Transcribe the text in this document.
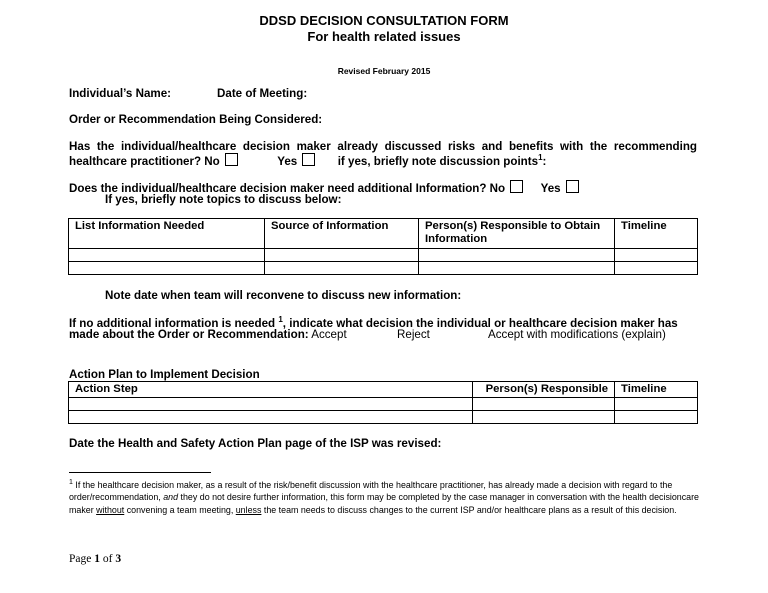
DDSD DECISION CONSULTATION FORM
For health related issues
Revised February 2015
Individual’s Name:	Date of Meeting:
Order or Recommendation Being Considered:
Has the individual/healthcare decision maker already discussed risks and benefits with the recommending
healthcare practitioner? No	Yes	if yes, briefly note discussion points$^1$:
Does the individual/healthcare decision maker need additional Information? No	Yes
If yes, briefly note topics to discuss below:
List Information Needed	Source of Information	Person(s) Responsible to Obtain Information	Timeline

Note date when team will reconvene to discuss new information:
If no additional information is needed $^1$, indicate what decision the individual or healthcare decision maker has
made about the Order or Recommendation: Accept	Reject	Accept with modifications (explain)
Action Plan to Implement Decision
Action Step	Person(s) Responsible	Timeline

Date the Health and Safety Action Plan page of the ISP was revised:
$^1$ If the healthcare decision maker, as a result of the risk/benefit discussion with the healthcare practitioner, has already made a decision with regard to the order/recommendation, and they do not desire further information, this form may be completed by the case manager in conversation with the health decisioncare maker without convening a team meeting, unless the team needs to discuss changes to the current ISP and/or healthcare plans as a result of this decision.
Page 1 of 3
